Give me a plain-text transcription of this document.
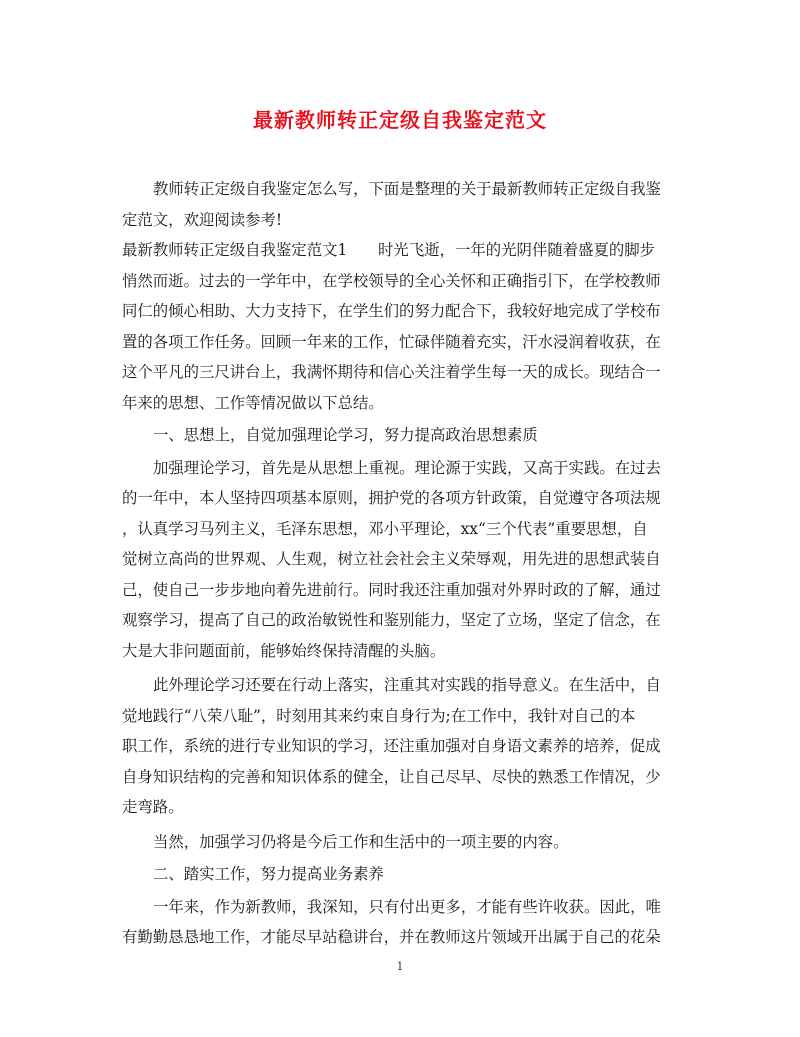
最新教师转正定级自我鉴定范文
教师转正定级自我鉴定怎么写，下面是整理的关于最新教师转正定级自我鉴
定范文，欢迎阅读参考!
最新教师转正定级自我鉴定范文1　　时光飞逝，一年的光阴伴随着盛夏的脚步
悄然而逝。过去的一学年中，在学校领导的全心关怀和正确指引下，在学校教师
同仁的倾心相助、大力支持下，在学生们的努力配合下，我较好地完成了学校布
置的各项工作任务。回顾一年来的工作，忙碌伴随着充实，汗水浸润着收获，在
这个平凡的三尺讲台上，我满怀期待和信心关注着学生每一天的成长。现结合一
年来的思想、工作等情况做以下总结。
一、思想上，自觉加强理论学习，努力提高政治思想素质
加强理论学习，首先是从思想上重视。理论源于实践，又高于实践。在过去
的一年中，本人坚持四项基本原则，拥护党的各项方针政策，自觉遵守各项法规
，认真学习马列主义，毛泽东思想，邓小平理论，xx“三个代表”重要思想，自
觉树立高尚的世界观、人生观，树立社会社会主义荣辱观，用先进的思想武装自
己，使自己一步步地向着先进前行。同时我还注重加强对外界时政的了解，通过
观察学习，提高了自己的政治敏锐性和鉴别能力，坚定了立场，坚定了信念，在
大是大非问题面前，能够始终保持清醒的头脑。
此外理论学习还要在行动上落实，注重其对实践的指导意义。在生活中，自
觉地践行“八荣八耻”，时刻用其来约束自身行为;在工作中，我针对自己的本
职工作，系统的进行专业知识的学习，还注重加强对自身语文素养的培养，促成
自身知识结构的完善和知识体系的健全，让自己尽早、尽快的熟悉工作情况，少
走弯路。
当然，加强学习仍将是今后工作和生活中的一项主要的内容。
二、踏实工作，努力提高业务素养
一年来，作为新教师，我深知，只有付出更多，才能有些许收获。因此，唯
有勤勤恳恳地工作，才能尽早站稳讲台，并在教师这片领域开出属于自己的花朵
1
